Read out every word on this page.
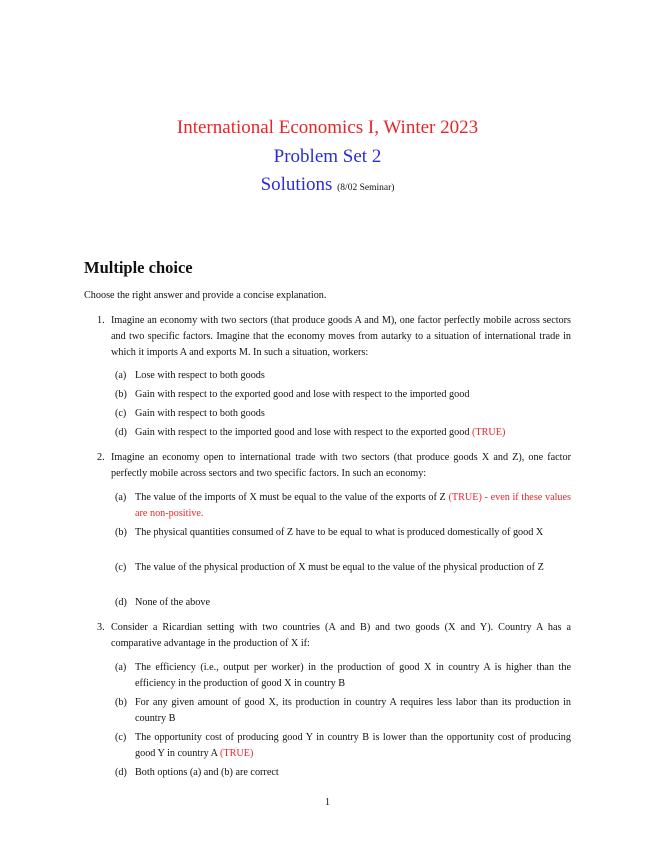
International Economics I, Winter 2023
Problem Set 2
Solutions (8/02 Seminar)
Multiple choice
Choose the right answer and provide a concise explanation.
1. Imagine an economy with two sectors (that produce goods A and M), one factor perfectly mobile across sectors and two specific factors. Imagine that the economy moves from autarky to a situation of international trade in which it imports A and exports M. In such a situation, workers:
(a) Lose with respect to both goods
(b) Gain with respect to the exported good and lose with respect to the imported good
(c) Gain with respect to both goods
(d) Gain with respect to the imported good and lose with respect to the exported good (TRUE)
2. Imagine an economy open to international trade with two sectors (that produce goods X and Z), one factor perfectly mobile across sectors and two specific factors. In such an economy:
(a) The value of the imports of X must be equal to the value of the exports of Z (TRUE) - even if these values are non-positive.
(b) The physical quantities consumed of Z have to be equal to what is produced domestically of good X
(c) The value of the physical production of X must be equal to the value of the physical production of Z
(d) None of the above
3. Consider a Ricardian setting with two countries (A and B) and two goods (X and Y). Country A has a comparative advantage in the production of X if:
(a) The efficiency (i.e., output per worker) in the production of good X in country A is higher than the efficiency in the production of good X in country B
(b) For any given amount of good X, its production in country A requires less labor than its production in country B
(c) The opportunity cost of producing good Y in country B is lower than the opportunity cost of producing good Y in country A (TRUE)
(d) Both options (a) and (b) are correct
1
